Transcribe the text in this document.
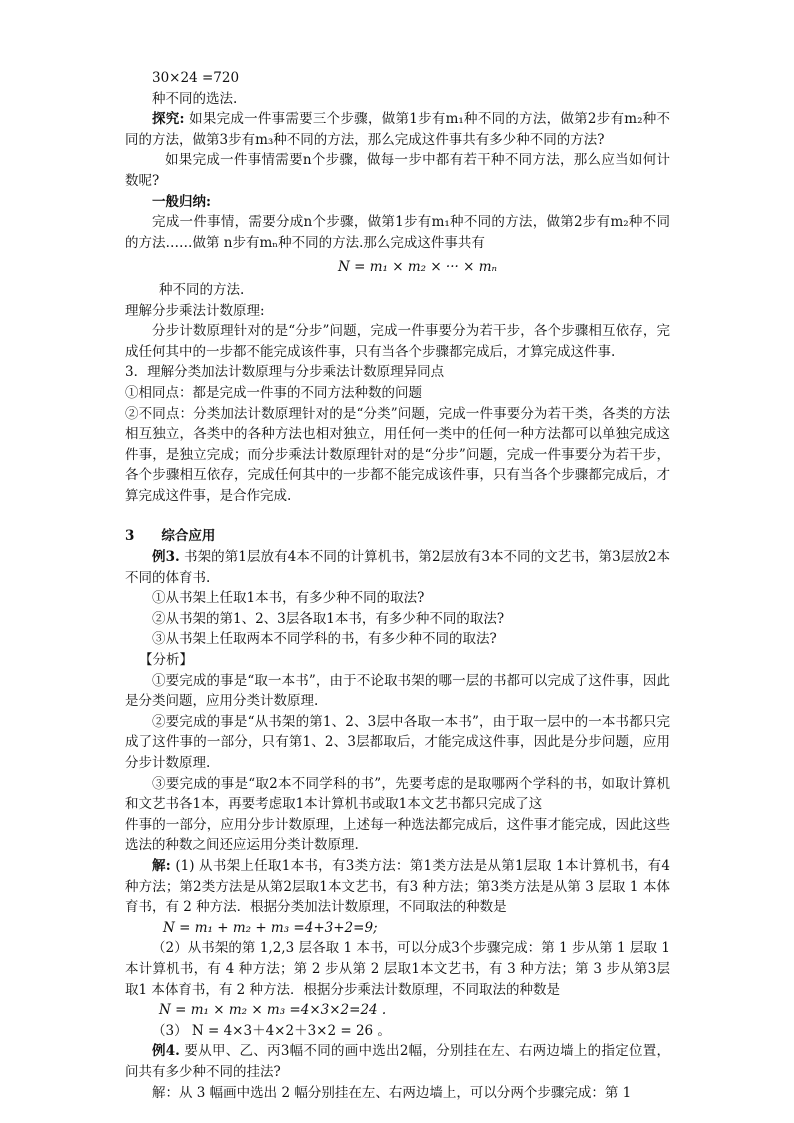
30×24 =720

种不同的选法.

探究: 如果完成一件事需要三个步骤，做第1步有m₁种不同的方法，做第2步有m₂种不同的方法，做第3步有m₃种不同的方法，那么完成这件事共有多少种不同的方法?

如果完成一件事情需要n个步骤，做每一步中都有若干种不同方法，那么应当如何计数呢?

一般归纳:

完成一件事情，需要分成n个步骤，做第1步有m₁种不同的方法，做第2步有m₂种不同的方法……做第 n步有mₙ种不同的方法.那么完成这件事共有

N = m₁ × m₂ × ··· × mₙ

种不同的方法.

理解分步乘法计数原理:

分步计数原理针对的是“分步”问题，完成一件事要分为若干步，各个步骤相互依存，完成任何其中的一步都不能完成该件事，只有当各个步骤都完成后，才算完成这件事.

3．理解分类加法计数原理与分步乘法计数原理异同点

①相同点：都是完成一件事的不同方法种数的问题

②不同点：分类加法计数原理针对的是“分类”问题，完成一件事要分为若干类，各类的方法相互独立，各类中的各种方法也相对独立，用任何一类中的任何一种方法都可以单独完成这件事，是独立完成；而分步乘法计数原理针对的是“分步”问题，完成一件事要分为若干步，各个步骤相互依存，完成任何其中的一步都不能完成该件事，只有当各个步骤都完成后，才算完成这件事，是合作完成.

3　　综合应用

例3. 书架的第1层放有4本不同的计算机书，第2层放有3本不同的文艺书，第3层放2本不同的体育书.

①从书架上任取1本书，有多少种不同的取法?

②从书架的第1、2、3层各取1本书，有多少种不同的取法?

③从书架上任取两本不同学科的书，有多少种不同的取法?

【分析】

①要完成的事是“取一本书”，由于不论取书架的哪一层的书都可以完成了这件事，因此是分类问题，应用分类计数原理.

②要完成的事是“从书架的第1、2、3层中各取一本书”，由于取一层中的一本书都只完成了这件事的一部分，只有第1、2、3层都取后，才能完成这件事，因此是分步问题，应用分步计数原理.

③要完成的事是“取2本不同学科的书”，先要考虑的是取哪两个学科的书，如取计算机和文艺书各1本，再要考虑取1本计算机书或取1本文艺书都只完成了这

件事的一部分，应用分步计数原理，上述每一种选法都完成后，这件事才能完成，因此这些选法的种数之间还应运用分类计数原理.

解: (1) 从书架上任取1本书，有3类方法：第1类方法是从第1层取 1本计算机书，有4种方法；第2类方法是从第2层取1本文艺书，有3 种方法；第3类方法是从第 3 层取 1 本体育书，有 2 种方法．根据分类加法计数原理，不同取法的种数是

N = m₁ + m₂ + m₃ =4+3+2=9;

（2）从书架的第 1,2,3 层各取 1 本书，可以分成3个步骤完成：第 1 步从第 1 层取 1 本计算机书，有 4 种方法；第 2 步从第 2 层取1本文艺书，有 3 种方法；第 3 步从第3层取1 本体育书，有 2 种方法．根据分步乘法计数原理，不同取法的种数是

N = m₁ × m₂ × m₃ =4×3×2=24 .

（3） N = 4×3＋4×2＋3×2 = 26 。

例4. 要从甲、乙、丙3幅不同的画中选出2幅，分别挂在左、右两边墙上的指定位置，问共有多少种不同的挂法?

解：从 3 幅画中选出 2 幅分别挂在左、右两边墙上，可以分两个步骤完成：第 1
